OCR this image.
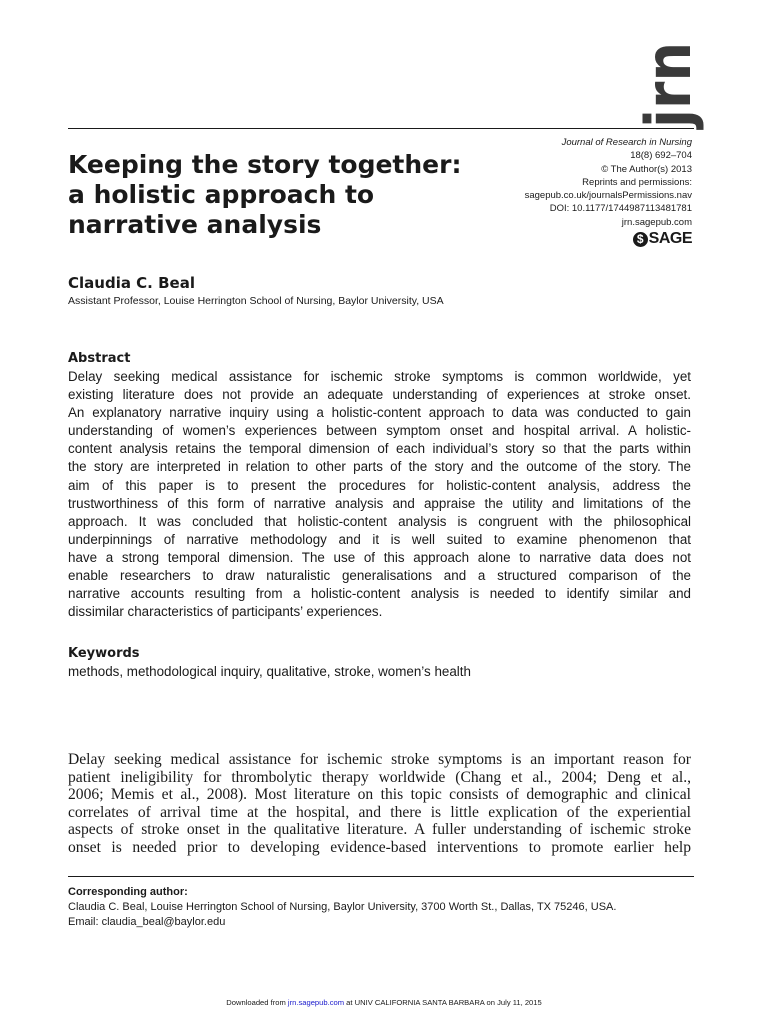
jrn
Keeping the story together:
a holistic approach to
narrative analysis
Journal of Research in Nursing
18(8) 692–704
© The Author(s) 2013
Reprints and permissions:
sagepub.co.uk/journalsPermissions.nav
DOI: 10.1177/1744987113481781
jrn.sagepub.com
$ SAGE
Claudia C. Beal
Assistant Professor, Louise Herrington School of Nursing, Baylor University, USA
Abstract

Delay seeking medical assistance for ischemic stroke symptoms is common worldwide, yet
existing literature does not provide an adequate understanding of experiences at stroke onset.
An explanatory narrative inquiry using a holistic-content approach to data was conducted to gain
understanding of women’s experiences between symptom onset and hospital arrival. A holistic-
content analysis retains the temporal dimension of each individual’s story so that the parts within
the story are interpreted in relation to other parts of the story and the outcome of the story. The
aim of this paper is to present the procedures for holistic-content analysis, address the
trustworthiness of this form of narrative analysis and appraise the utility and limitations of the
approach. It was concluded that holistic-content analysis is congruent with the philosophical
underpinnings of narrative methodology and it is well suited to examine phenomenon that
have a strong temporal dimension. The use of this approach alone to narrative data does not
enable researchers to draw naturalistic generalisations and a structured comparison of the
narrative accounts resulting from a holistic-content analysis is needed to identify similar and
dissimilar characteristics of participants’ experiences.

Keywords
methods, methodological inquiry, qualitative, stroke, women’s health

Delay seeking medical assistance for ischemic stroke symptoms is an important reason for
patient ineligibility for thrombolytic therapy worldwide (Chang et al., 2004; Deng et al.,
2006; Memis et al., 2008). Most literature on this topic consists of demographic and clinical
correlates of arrival time at the hospital, and there is little explication of the experiential
aspects of stroke onset in the qualitative literature. A fuller understanding of ischemic stroke
onset is needed prior to developing evidence-based interventions to promote earlier help

Corresponding author:
Claudia C. Beal, Louise Herrington School of Nursing, Baylor University, 3700 Worth St., Dallas, TX 75246, USA.
Email: claudia_beal@baylor.edu
Downloaded from jrn.sagepub.com at UNIV CALIFORNIA SANTA BARBARA on July 11, 2015
